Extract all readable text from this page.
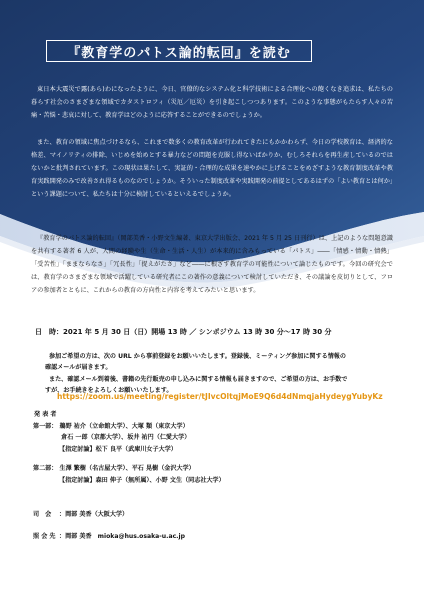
『教育学のパトス論的転回』を読む

東日本大震災で露(あら)わになったように、今日、官僚的なシステム化と科学技術による合理化への飽くなき追求は、私たちの暮らす社会のさまざまな領域でカタストロフィ（災厄／厄災）を引き起こしつつあります。このような事態がもたらす人々の苦痛・苦悩・悲哀に対して、教育学はどのように応答することができるのでしょうか。

また、教育の領域に焦点づけるなら、これまで数多くの教育改革が行われてきたにもかかわらず、今日の学校教育は、経済的な格差、マイノリティの排除、いじめを始めとする暴力などの問題を克服し得ないばかりか、むしろそれらを再生産しているのではないかと批判されています。この現状は果たして、実証的・合理的な成果を速やかに上げることをめざすような教育制度改革や教育実践開発のみで改善され得るものなのでしょうか。そういった制度改革や実践開発の前提としてあるはずの「よい教育とは何か」という課題について、私たちは十分に検討しているといえるでしょうか。

『教育学のパトス論的転回』（岡部美香・小野文生編著、東京大学出版会、2021 年 5 月 25 日刊行）は、上記のような問題意識を共有する著者 6 人が、人間の経験や生（生命・生活・人生）が本来的に含みもっている「パトス」――「情感・情動・情熱」「受苦性」「ままならなさ」「冗長性」「捉えがたさ」など――に根ざす教育学の可能性について論じたものです。今回の研究会では、教育学のさまざまな領域で活躍している研究者にこの著作の意義について検討していただき、その議論を皮切りとして、フロアの参加者とともに、これからの教育の方向性と内容を考えてみたいと思います。

日　時：2021 年 5 月 30 日（日）開場 13 時 ／ シンポジウム 13 時 30 分～17 時 30 分

参加ご希望の方は、次の URL から事前登録をお願いいたします。登録後、ミーティング参加に関する情報の

確認メールが届きます。

また、確認メール到着後、書籍の先行販売の申し込みに関する情報も届きますので、ご希望の方は、お手数で

すが、お手続きをよろしくお願いいたします。

https://zoom.us/meeting/register/tJIvcOltqjMoE9Q6d4dNmqjaHydeygYubyKz

発 表 者

第一部：
鵜野 祐介（立命館大学）、大塚 類（東京大学）

倉石 一郎（京都大学）、坂井 祐円（仁愛大学）
【指定討論】 松下 良平（武庫川女子大学）
第二部：
生澤 繁樹（名古屋大学）、平石 晃樹（金沢大学）
【指定討論】 森田 伸子（無所属）、小野 文生（同志社大学）
司　会 ：岡部 美香（大阪大学）
照 会 先 ：岡部 美香　mioka@hus.osaka-u.ac.jp
